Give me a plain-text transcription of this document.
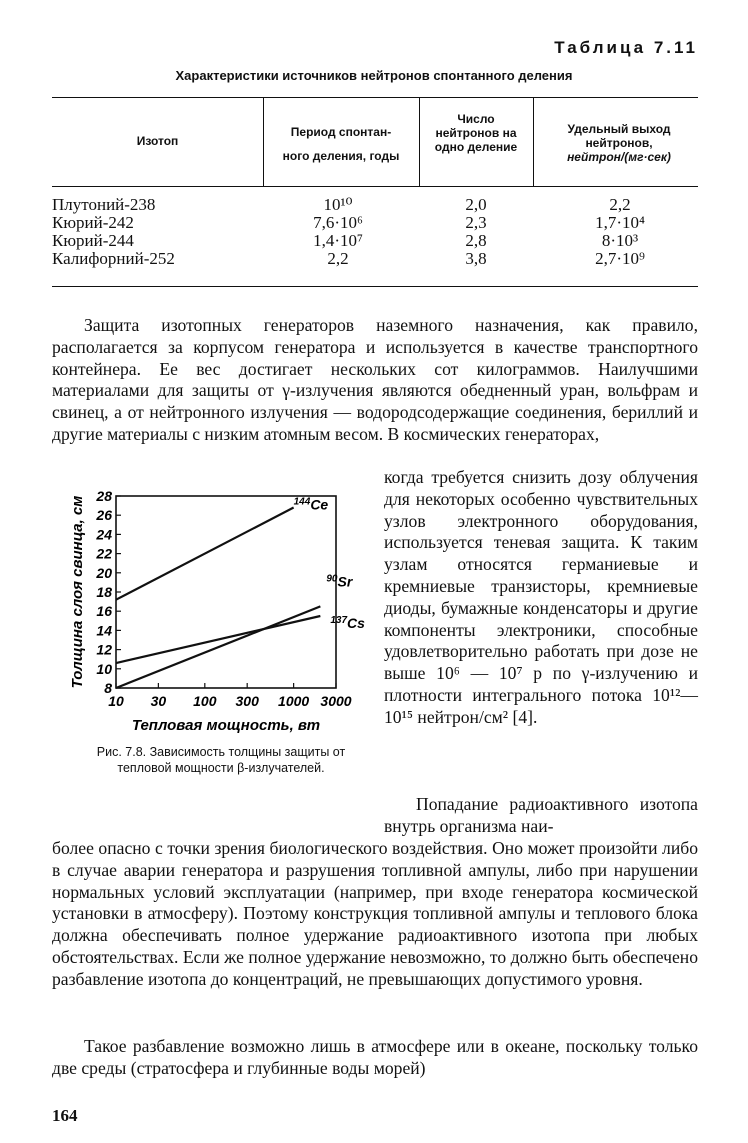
Таблица 7.11
Характеристики источников нейтронов спонтанного деления
Изотоп
Период спонтан-ного деления, годы
Число нейтронов на одно деление
Удельный выход нейтронов,
нейтрон/(мг·сек)
Плутоний-238
Кюрий-242
Кюрий-244
Калифорний-252
10¹⁰
7,6·10⁶
1,4·10⁷
2,2
2,0
2,3
2,8
3,8
2,2
1,7·10⁴
8·10³
2,7·10⁹

Защита изотопных генераторов наземного назначения, как правило, располагается за корпусом генератора и используется в качестве транспортного контейнера. Ее вес достигает нескольких сот килограммов. Наилучшими материалами для защиты от γ-излучения являются обедненный уран, вольфрам и свинец, а от нейтронного излучения — водородсодержащие соединения, бериллий и другие материалы с низким атомным весом. В космических генераторах,

когда требуется снизить дозу облучения для некоторых особенно чувствительных узлов электронного оборудования, используется теневая защита. К таким узлам относятся германиевые и кремниевые транзисторы, кремниевые диоды, бумажные конденсаторы и другие компоненты электроники, способные удовлетворительно работать при дозе не выше 10⁶ — 10⁷ р по γ-излучению и плотности интегрального потока 10¹²—10¹⁵ нейтрон/см² [4].

8
10
12
14
16
18
20
22
24
26
28
10 30 100 300 1000 3000
Тепловая мощность, вт
Толщина слоя свинца, см	$^{144}$Ce
$^{90}$Sr
$^{137}$Cs
Рис. 7.8. Зависимость толщины защиты от тепловой мощности β-излучателей.

Попадание радиоактивного изотопа внутрь организма наи-

более опасно с точки зрения биологического воздействия. Оно может произойти либо в случае аварии генератора и разрушения топливной ампулы, либо при нарушении нормальных условий эксплуатации (например, при входе генератора космической установки в атмосферу). Поэтому конструкция топливной ампулы и теплового блока должна обеспечивать полное удержание радиоактивного изотопа при любых обстоятельствах. Если же полное удержание невозможно, то должно быть обеспечено разбавление изотопа до концентраций, не превышающих допустимого уровня.

Такое разбавление возможно лишь в атмосфере или в океане, поскольку только две среды (стратосфера и глубинные воды морей)

164
